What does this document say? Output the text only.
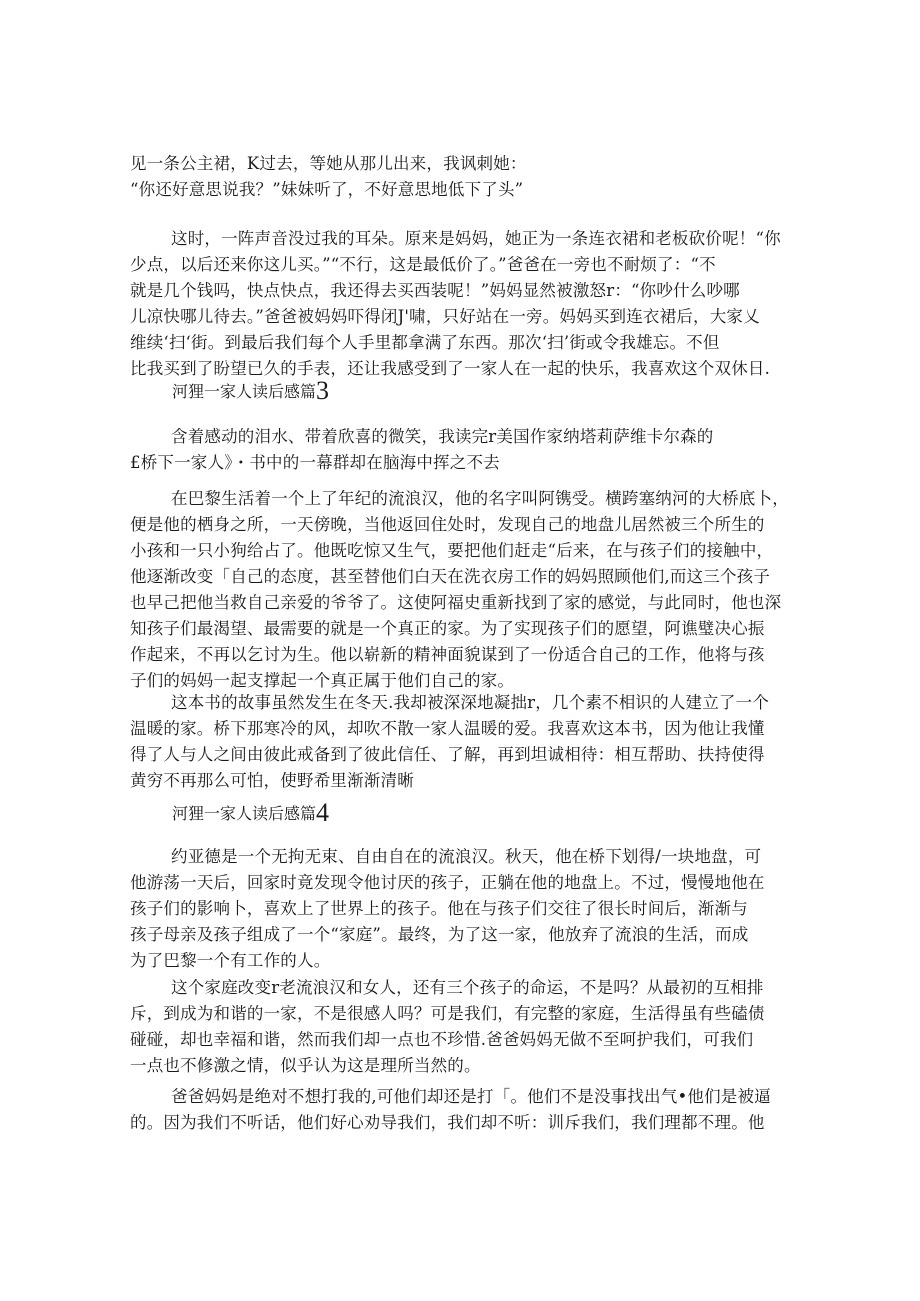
见一条公主裙，K过去，等她从那儿出来，我讽刺她：
“你还好意思说我？”妹妹听了，不好意思地低下了头”
这时，一阵声音没过我的耳朵。原来是妈妈，她正为一条连衣裙和老板砍价呢！“你
少点，以后还来你这儿买。”“不行，这是最低价了。”爸爸在一旁也不耐烦了：“不
就是几个钱吗，快点快点，我还得去买西装呢！”妈妈显然被激怒r：“你吵什么吵哪
儿凉快哪儿待去。”爸爸被妈妈吓得闭J'啸，只好站在一旁。妈妈买到连衣裙后，大家乂
维续‘扫‘街。到最后我们每个人手里都拿满了东西。那次‘扫’街或令我雄忘。不但
比我买到了盼望已久的手表，还让我感受到了一家人在一起的快乐，我喜欢这个双休日.
河狸一家人读后感篇3
含着感动的泪水、带着欣喜的微笑，我读完r美国作家纳塔莉萨维卡尔森的
£桥下一家人》・书中的一幕群却在脑海中挥之不去
在巴黎生活着一个上了年纪的流浪汉，他的名字叫阿镌受。横跨塞纳河的大桥底卜，
便是他的栖身之所，一天傍晚，当他返回住处时，发现自己的地盘儿居然被三个所生的
小孩和一只小狗给占了。他既吃惊又生气，要把他们赶走“后来，在与孩子们的接触中，
他逐渐改变「自己的态度，甚至替他们白天在洗衣房工作的妈妈照顾他们,而这三个孩子
也早己把他当救自己亲爱的爷爷了。这使阿福史重新找到了家的感觉，与此同时，他也深
知孩子们最渴望、最需要的就是一个真正的家。为了实现孩子们的愿望，阿谯璧决心振
作起来，不再以乞讨为生。他以崭新的精神面貌谋到了一份适合自己的工作，他将与孩
子们的妈妈一起支撑起一个真正属于他们自己的家。
这本书的故事虽然发生在冬天.我却被深深地凝拙r，几个素不相识的人建立了一个
温暖的家。桥下那寒冷的风，却吹不散一家人温暖的爱。我喜欢这本书，因为他让我懂
得了人与人之间由彼此戒备到了彼此信任、了解，再到坦诚相待：相互帮助、扶持使得
黄穷不再那么可怕，使野希里渐渐清晰
河狸一家人读后感篇4
约亚德是一个无拘无束、自由自在的流浪汉。秋天，他在桥下划得/一块地盘，可
他游荡一天后，回家时竟发现令他讨厌的孩子，正躺在他的地盘上。不过，慢慢地他在
孩子们的影响卜，喜欢上了世界上的孩子。他在与孩子们交往了很长时间后，渐渐与
孩子母亲及孩子组成了一个“家庭”。最终，为了这一家，他放弃了流浪的生活，而成
为了巴黎一个有工作的人。
这个家庭改变r老流浪汉和女人，还有三个孩子的命运，不是吗？从最初的互相排
斥，到成为和谐的一家，不是很感人吗？可是我们，有完整的家庭，生活得虽有些磕债
碰碰，却也幸福和谐，然而我们却一点也不珍惜.爸爸妈妈无做不至呵护我们，可我们
一点也不修激之情，似乎认为这是理所当然的。
爸爸妈妈是绝对不想打我的,可他们却还是打「。他们不是没事找出气•他们是被逼
的。因为我们不听话，他们好心劝导我们，我们却不听：训斥我们，我们理都不理。他
